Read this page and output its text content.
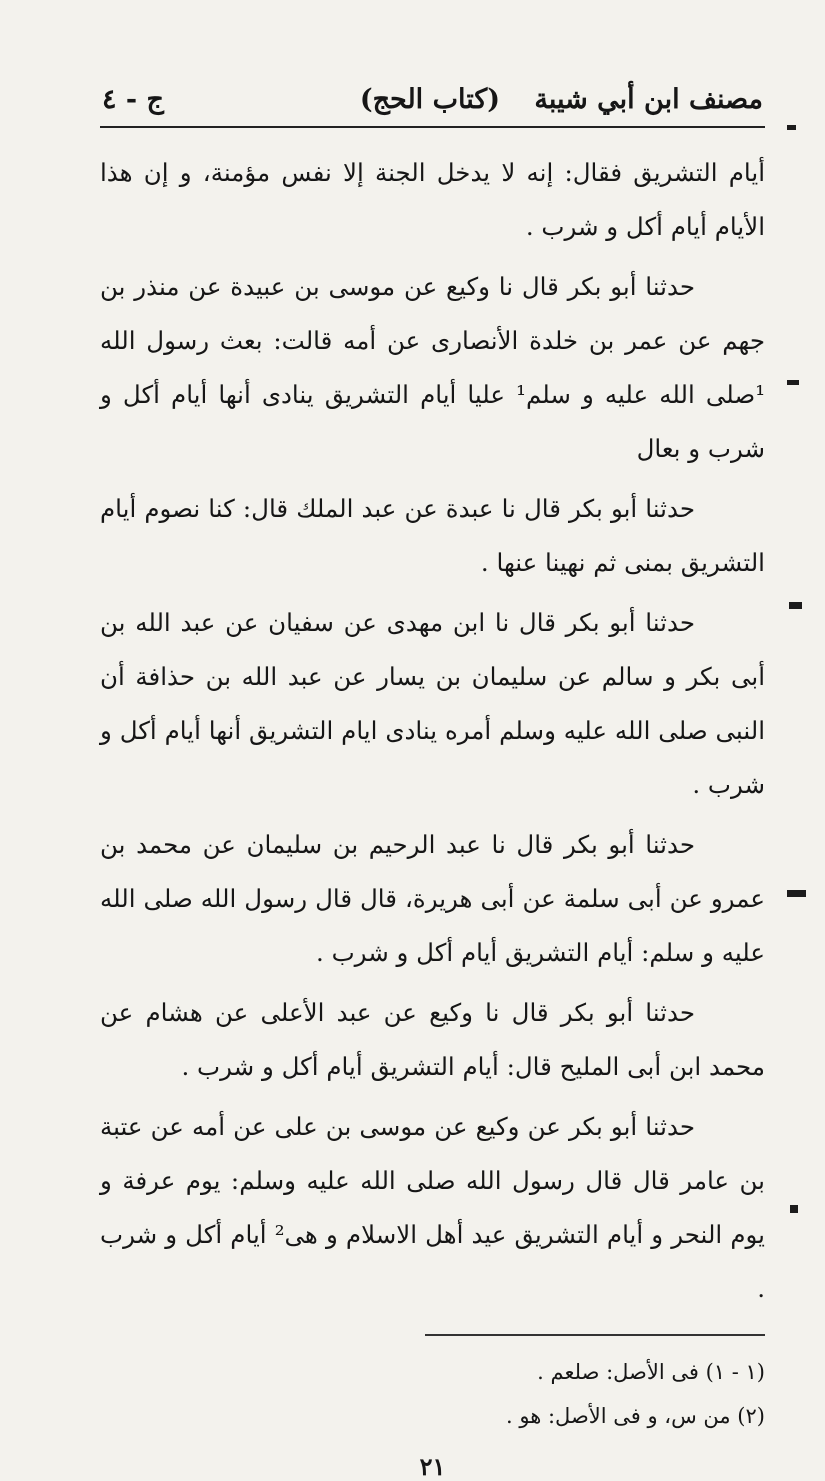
مصنف ابن أبي شيبة
(كتاب الحج)
ج - ٤

أيام التشريق فقال: إنه لا يدخل الجنة إلا نفس مؤمنة، و إن هذا الأيام أيام أكل و شرب .

حدثنا أبو بكر قال نا وكيع عن موسى بن عبيدة عن منذر بن جهم عن عمر بن خلدة الأنصارى عن أمه قالت: بعث رسول الله ¹صلى الله عليه و سلم¹ عليا أيام التشريق ينادى أنها أيام أكل و شرب و بعال

حدثنا أبو بكر قال نا عبدة عن عبد الملك قال: كنا نصوم أيام التشريق بمنى ثم نهينا عنها .

حدثنا أبو بكر قال نا ابن مهدى عن سفيان عن عبد الله بن أبى بكر و سالم عن سليمان بن يسار عن عبد الله بن حذافة أن النبى صلى الله عليه وسلم أمره ينادى ايام التشريق أنها أيام أكل و شرب .

حدثنا أبو بكر قال نا عبد الرحيم بن سليمان عن محمد بن عمرو عن أبى سلمة عن أبى هريرة، قال قال رسول الله صلى الله عليه و سلم: أيام التشريق أيام أكل و شرب .

حدثنا أبو بكر قال نا وكيع عن عبد الأعلى عن هشام عن محمد ابن أبى المليح قال: أيام التشريق أيام أكل و شرب .

حدثنا أبو بكر عن وكيع عن موسى بن على عن أمه عن عتبة بن عامر قال قال رسول الله صلى الله عليه وسلم: يوم عرفة و يوم النحر و أيام التشريق عيد أهل الاسلام و هى² أيام أكل و شرب .

(١ - ١) فى الأصل: صلعم .

(٢) من س، و فى الأصل: هو .

٢١
